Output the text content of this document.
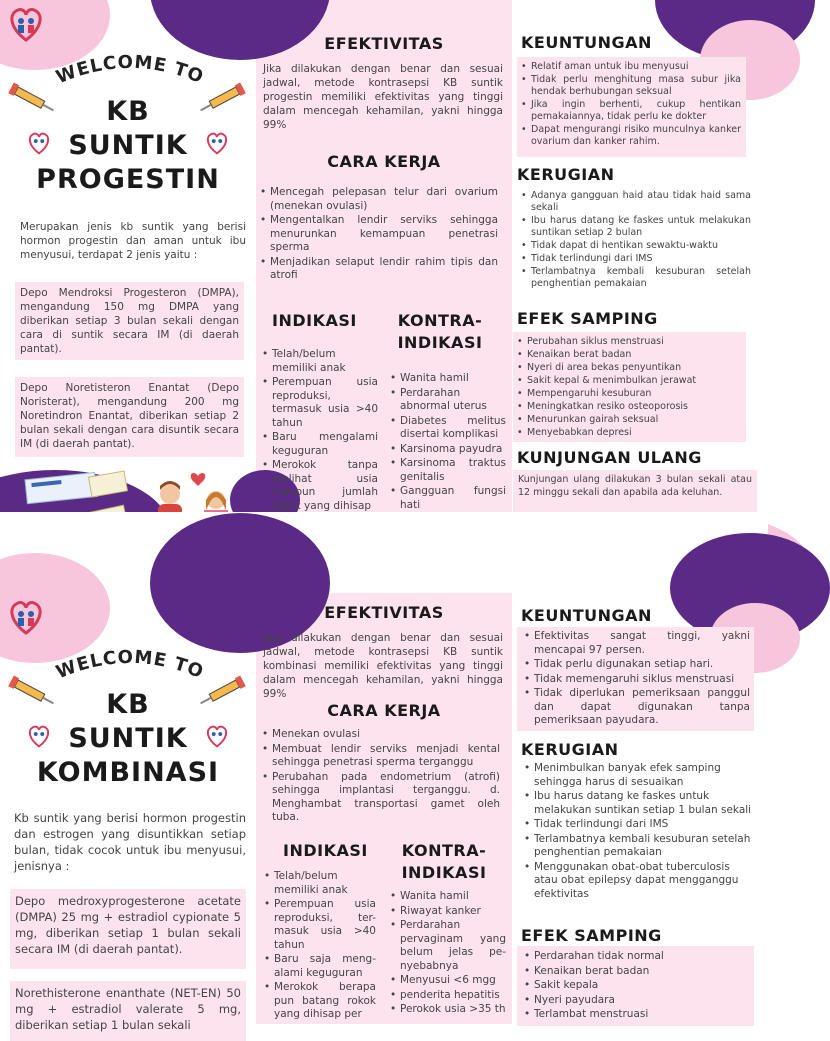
WELCOME TO
KB
SUNTIK
PROGESTIN
Merupakan jenis kb suntik yang berisi hormon progestin dan aman untuk ibu menyusui, terdapat 2 jenis yaitu :
Depo Mendroksi Progesteron (DMPA), mengandung 150 mg DMPA yang diberikan setiap 3 bulan sekali dengan cara di suntik secara IM (di daerah pantat).
Depo Noretisteron Enantat (Depo Noristerat), mengandung 200 mg Noretindron Enantat, diberikan setiap 2 bulan sekali dengan cara disuntik secara IM (di daerah pantat).
EFEKTIVITAS
Jika dilakukan dengan benar dan sesuai jadwal, metode kontrasepsi KB suntik progestin memiliki efektivitas yang tinggi dalam mencegah kehamilan, yakni hingga 99%
CARA KERJA
• Mencegah pelepasan telur dari ovarium (menekan ovulasi)
• Mengentalkan lendir serviks sehingga menurunkan kemampuan penetrasi sperma
• Menjadikan selaput lendir rahim tipis dan atrofi
INDIKASI
• Telah/belum memiliki anak
• Perempuan usia reproduksi, termasuk usia >40 tahun
• Baru mengalami keguguran
• Merokok tanpa melihat usia maupun jumlah rokok yang dihisap
•
•
KONTRA-
INDIKASI
• Wanita hamil
• Perdarahan abnormal uterus
• Diabetes melitus disertai komplikasi
• Karsinoma payudra
• Karsinoma traktus genitalis
• Gangguan fungsi hati
KEUNTUNGAN
• Relatif aman untuk ibu menyusui
• Tidak perlu menghitung masa subur jika hendak berhubungan seksual
• Jika ingin berhenti, cukup hentikan pemakaiannya, tidak perlu ke dokter
• Dapat mengurangi risiko munculnya kanker ovarium dan kanker rahim.
KERUGIAN
• Adanya gangguan haid atau tidak haid sama sekali
• Ibu harus datang ke faskes untuk melakukan suntikan setiap 2 bulan
• Tidak dapat di hentikan sewaktu-waktu
• Tidak terlindungi dari IMS
• Terlambatnya kembali kesuburan setelah penghentian pemakaian
EFEK SAMPING
• Perubahan siklus menstruasi
• Kenaikan berat badan
• Nyeri di area bekas penyuntikan
• Sakit kepal & menimbulkan jerawat
• Mempengaruhi kesuburan
• Meningkatkan resiko osteoporosis
• Menurunkan gairah seksual
• Menyebabkan depresi
KUNJUNGAN ULANG
Kunjungan ulang dilakukan 3 bulan sekali atau 12 minggu sekali dan apabila ada keluhan.
WELCOME TO
KB
SUNTIK
KOMBINASI
Kb suntik yang berisi hormon progestin dan estrogen yang disuntikkan setiap bulan, tidak cocok untuk ibu menyusui, jenisnya :
Depo medroxyprogesterone acetate (DMPA) 25 mg + estradiol cypionate 5 mg, diberikan setiap 1 bulan sekali secara IM (di daerah pantat).
Norethisterone enanthate (NET-EN) 50 mg + estradiol valerate 5 mg, diberikan setiap 1 bulan sekali
EFEKTIVITAS
Jika dilakukan dengan benar dan sesuai jadwal, metode kontrasepsi KB suntik kombinasi memiliki efektivitas yang tinggi dalam mencegah kehamilan, yakni hingga 99%
CARA KERJA
• Menekan ovulasi
• Membuat lendir serviks menjadi kental sehingga penetrasi sperma terganggu
• Perubahan pada endometrium (atrofi) sehingga implantasi terganggu. d. Menghambat transportasi gamet oleh tuba.
INDIKASI
• Telah/belum memiliki anak
• Perempuan usia reproduksi, ter- masuk usia >40 tahun
• Baru saja meng- alami keguguran
• Merokok berapa pun batang rokok yang dihisap per
KONTRA-
INDIKASI
• Wanita hamil
• Riwayat kanker
• Perdarahan pervaginam yang belum jelas pe- nyebabnya
• Menyusui <6 mgg
• penderita hepatitis
• Perokok usia >35 th
KEUNTUNGAN
• Efektivitas sangat tinggi, yakni mencapai 97 persen.
• Tidak perlu digunakan setiap hari.
• Tidak memengaruhi siklus menstruasi
• Tidak diperlukan pemeriksaan panggul dan dapat digunakan tanpa pemeriksaan payudara.
KERUGIAN
• Menimbulkan banyak efek samping sehingga harus di sesuaikan
• Ibu harus datang ke faskes untuk melakukan suntikan setiap 1 bulan sekali
• Tidak terlindungi dari IMS
• Terlambatnya kembali kesuburan setelah penghentian pemakaian
• Menggunakan obat-obat tuberculosis atau obat epilepsy dapat mengganggu efektivitas
EFEK SAMPING
• Perdarahan tidak normal
• Kenaikan berat badan
• Sakit kepala
• Nyeri payudara
• Terlambat menstruasi
